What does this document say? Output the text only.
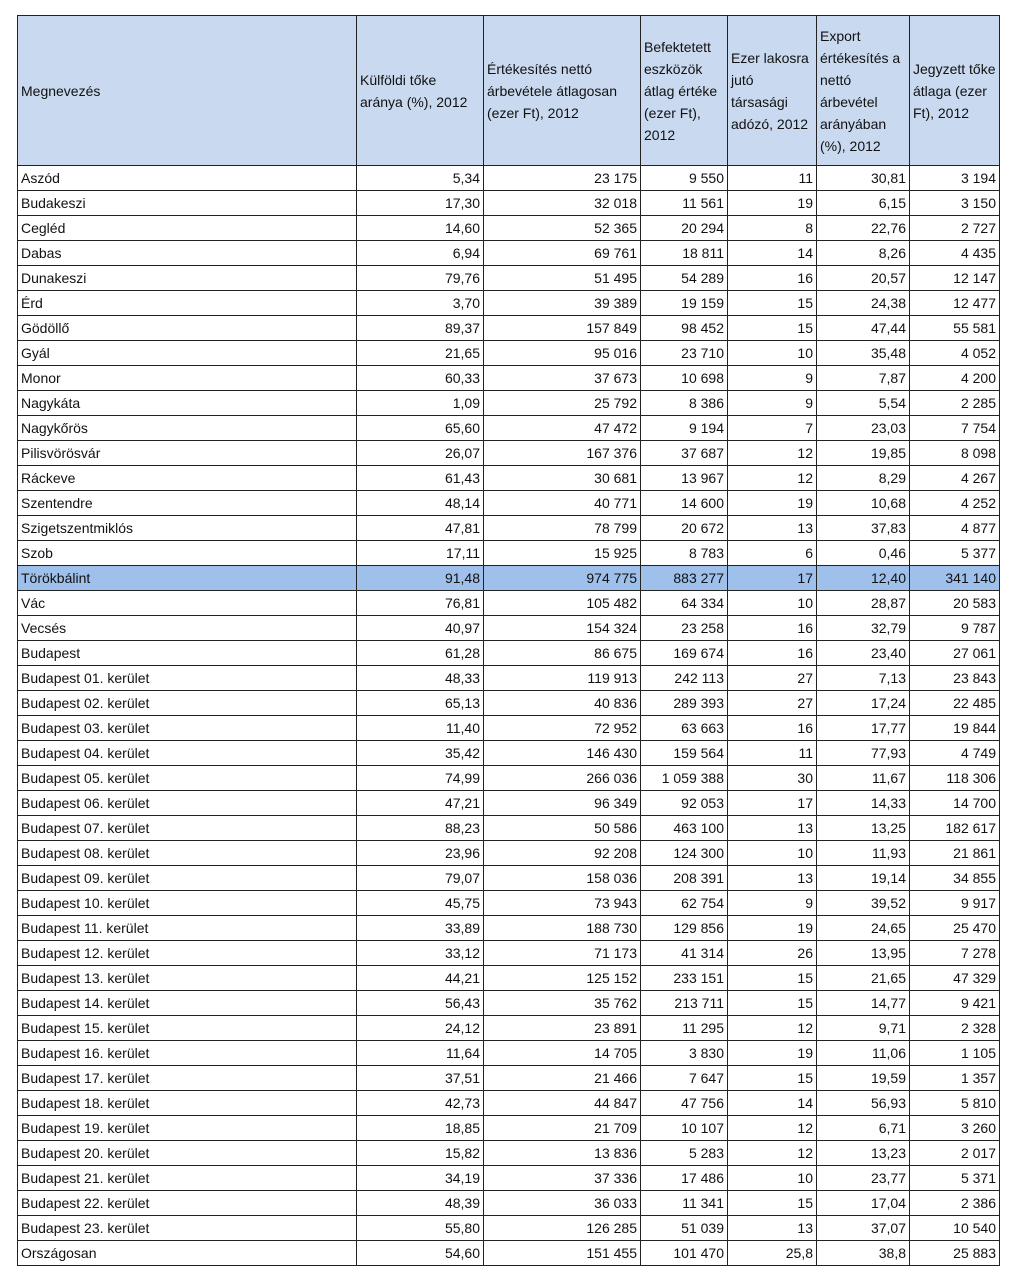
Megnevezés	Külföldi tőke aránya (%), 2012	Értékesítés nettó árbevétele átlagosan (ezer Ft), 2012	Befektetett eszközök átlag értéke (ezer Ft), 2012	Ezer lakosra jutó társasági adózó, 2012	Export értékesítés a nettó árbevétel arányában (%), 2012	Jegyzett tőke átlaga (ezer Ft), 2012
Aszód	5,34	23 175	9 550	11	30,81	3 194
Budakeszi	17,30	32 018	11 561	19	6,15	3 150
Cegléd	14,60	52 365	20 294	8	22,76	2 727
Dabas	6,94	69 761	18 811	14	8,26	4 435
Dunakeszi	79,76	51 495	54 289	16	20,57	12 147
Érd	3,70	39 389	19 159	15	24,38	12 477
Gödöllő	89,37	157 849	98 452	15	47,44	55 581
Gyál	21,65	95 016	23 710	10	35,48	4 052
Monor	60,33	37 673	10 698	9	7,87	4 200
Nagykáta	1,09	25 792	8 386	9	5,54	2 285
Nagykőrös	65,60	47 472	9 194	7	23,03	7 754
Pilisvörösvár	26,07	167 376	37 687	12	19,85	8 098
Ráckeve	61,43	30 681	13 967	12	8,29	4 267
Szentendre	48,14	40 771	14 600	19	10,68	4 252
Szigetszentmiklós	47,81	78 799	20 672	13	37,83	4 877
Szob	17,11	15 925	8 783	6	0,46	5 377
Törökbálint	91,48	974 775	883 277	17	12,40	341 140
Vác	76,81	105 482	64 334	10	28,87	20 583
Vecsés	40,97	154 324	23 258	16	32,79	9 787
Budapest	61,28	86 675	169 674	16	23,40	27 061
Budapest 01. kerület	48,33	119 913	242 113	27	7,13	23 843
Budapest 02. kerület	65,13	40 836	289 393	27	17,24	22 485
Budapest 03. kerület	11,40	72 952	63 663	16	17,77	19 844
Budapest 04. kerület	35,42	146 430	159 564	11	77,93	4 749
Budapest 05. kerület	74,99	266 036	1 059 388	30	11,67	118 306
Budapest 06. kerület	47,21	96 349	92 053	17	14,33	14 700
Budapest 07. kerület	88,23	50 586	463 100	13	13,25	182 617
Budapest 08. kerület	23,96	92 208	124 300	10	11,93	21 861
Budapest 09. kerület	79,07	158 036	208 391	13	19,14	34 855
Budapest 10. kerület	45,75	73 943	62 754	9	39,52	9 917
Budapest 11. kerület	33,89	188 730	129 856	19	24,65	25 470
Budapest 12. kerület	33,12	71 173	41 314	26	13,95	7 278
Budapest 13. kerület	44,21	125 152	233 151	15	21,65	47 329
Budapest 14. kerület	56,43	35 762	213 711	15	14,77	9 421
Budapest 15. kerület	24,12	23 891	11 295	12	9,71	2 328
Budapest 16. kerület	11,64	14 705	3 830	19	11,06	1 105
Budapest 17. kerület	37,51	21 466	7 647	15	19,59	1 357
Budapest 18. kerület	42,73	44 847	47 756	14	56,93	5 810
Budapest 19. kerület	18,85	21 709	10 107	12	6,71	3 260
Budapest 20. kerület	15,82	13 836	5 283	12	13,23	2 017
Budapest 21. kerület	34,19	37 336	17 486	10	23,77	5 371
Budapest 22. kerület	48,39	36 033	11 341	15	17,04	2 386
Budapest 23. kerület	55,80	126 285	51 039	13	37,07	10 540
Országosan	54,60	151 455	101 470	25,8	38,8	25 883
